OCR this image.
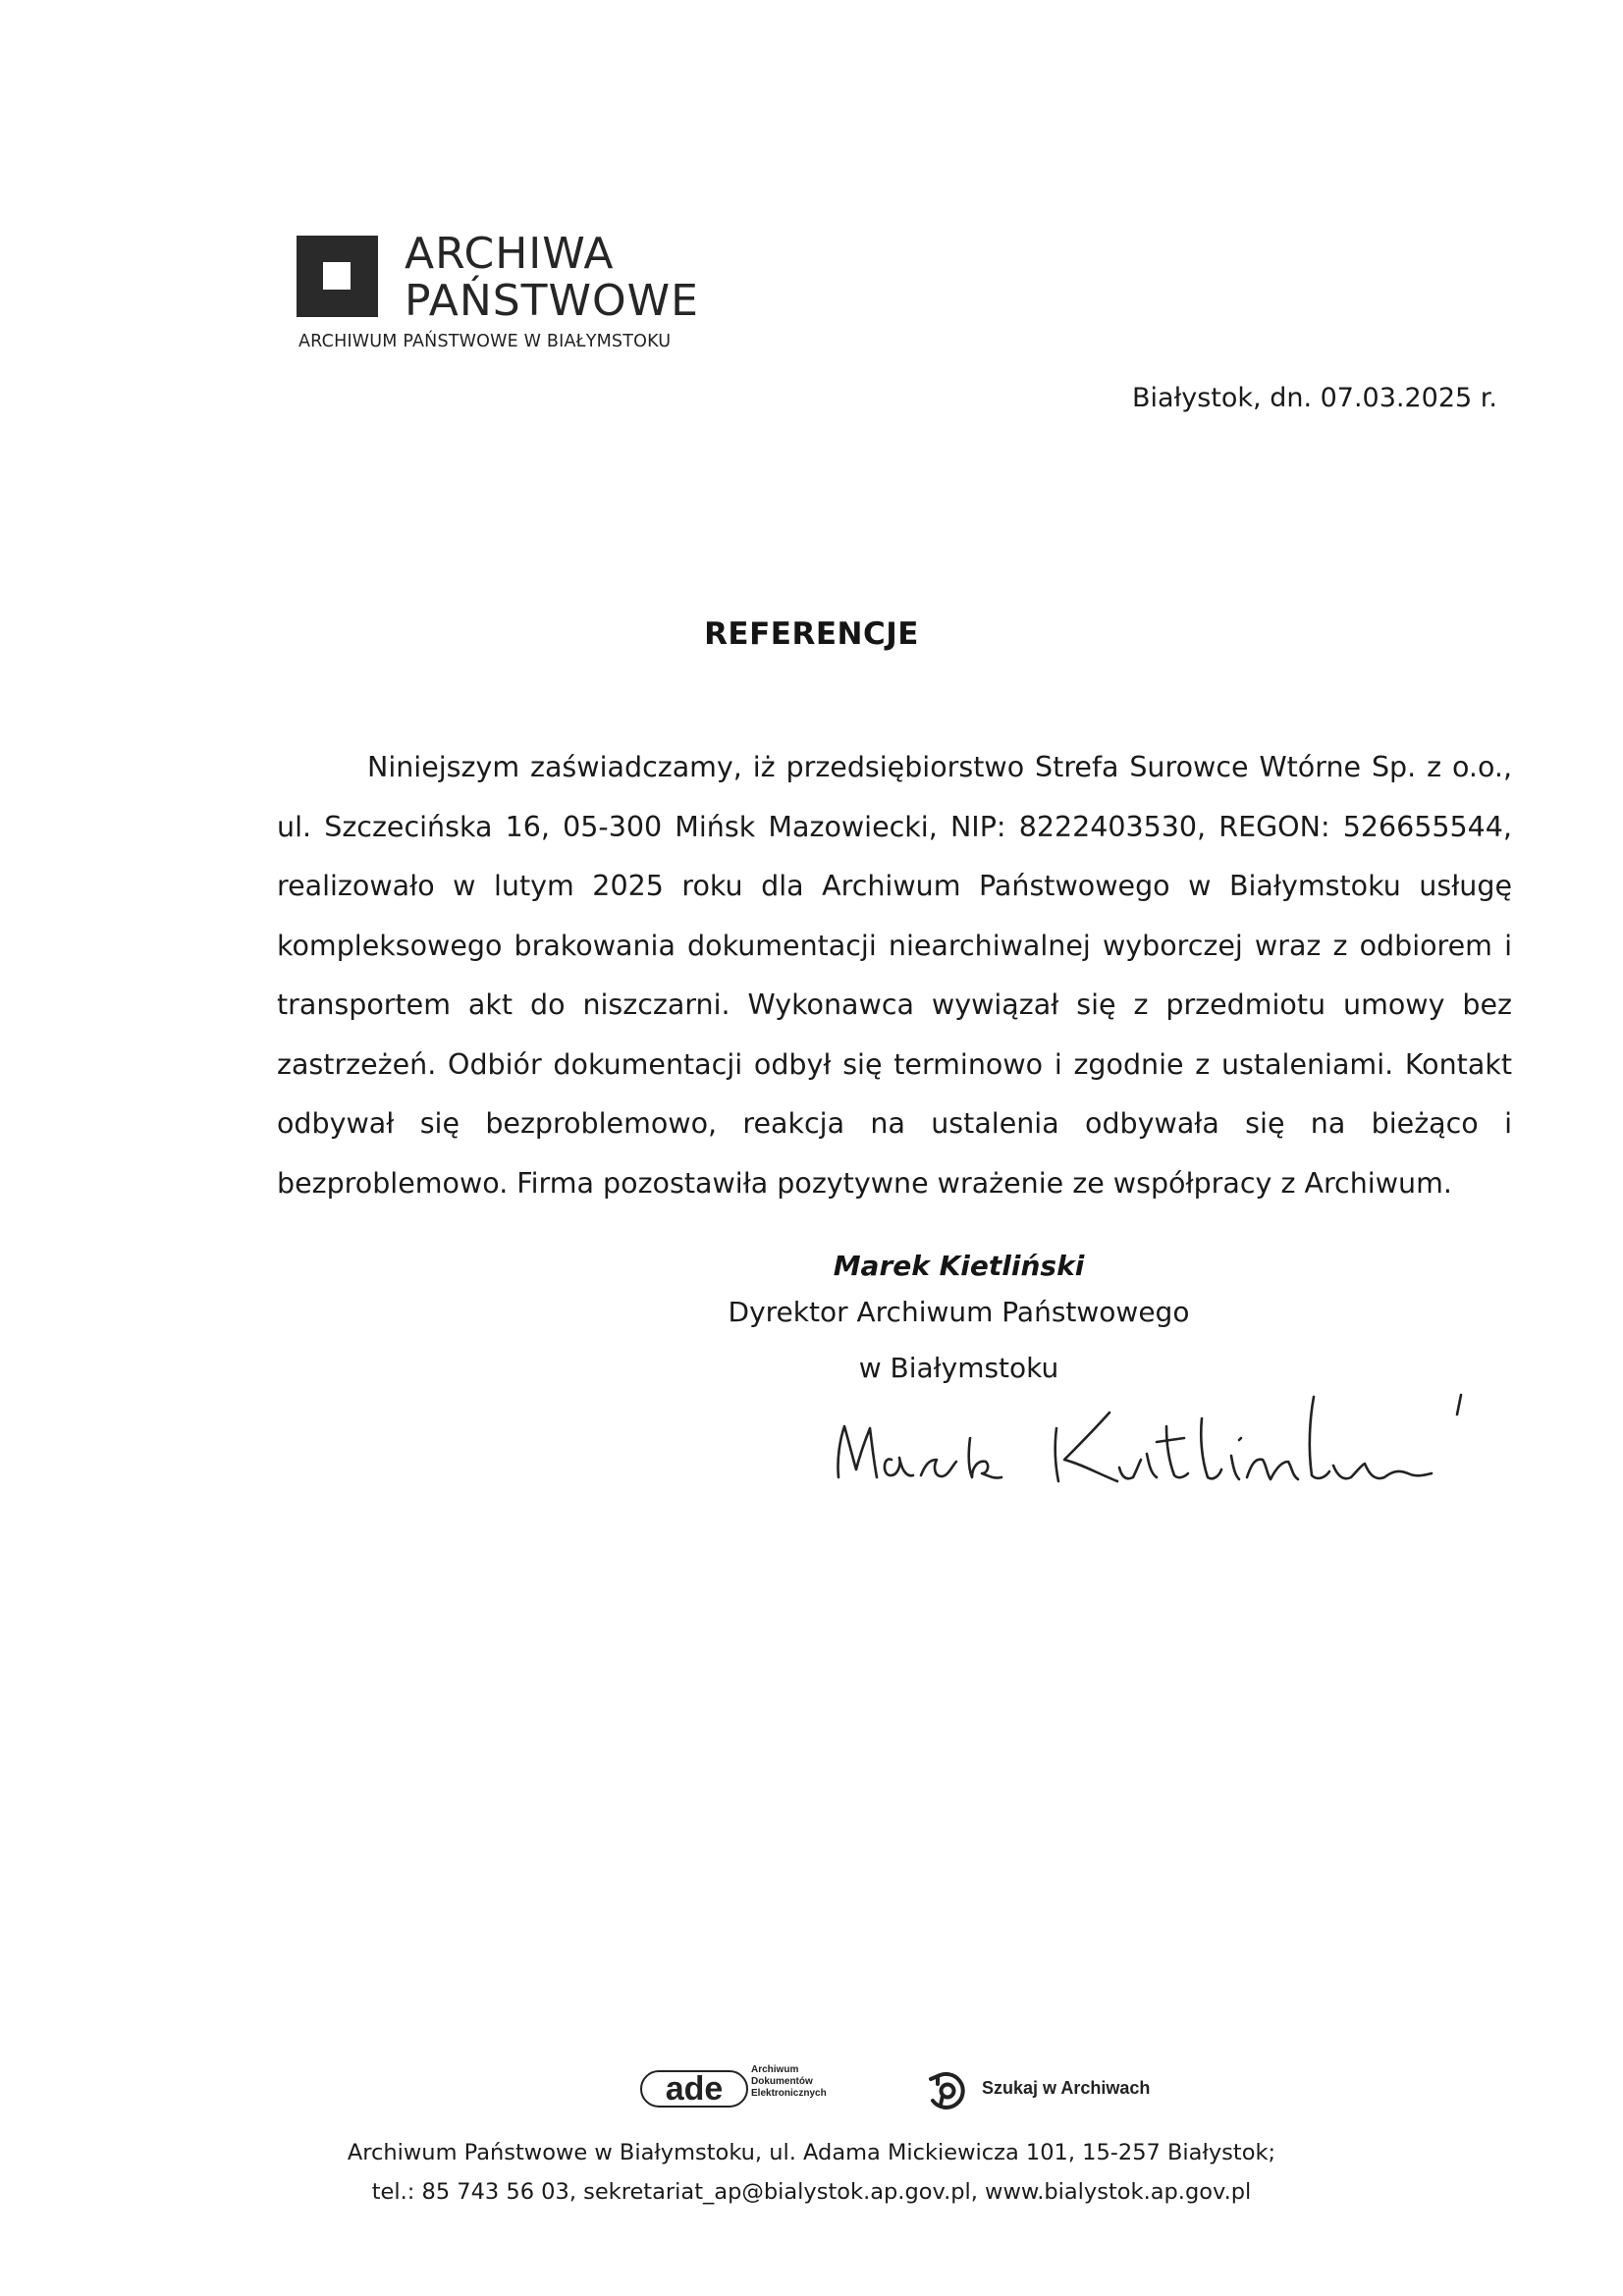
ARCHIWA
PAŃSTWOWE
ARCHIWUM PAŃSTWOWE W BIAŁYMSTOKU
Białystok, dn. 07.03.2025 r.
REFERENCJE
Niniejszym zaświadczamy, iż przedsiębiorstwo Strefa Surowce Wtórne Sp. z o.o., ul. Szczecińska 16, 05-300 Mińsk Mazowiecki, NIP: 8222403530, REGON: 526655544, realizowało w lutym 2025 roku dla Archiwum Państwowego w Białymstoku usługę kompleksowego brakowania dokumentacji niearchiwalnej wyborczej wraz z odbiorem i transportem akt do niszczarni. Wykonawca wywiązał się z przedmiotu umowy bez zastrzeżeń. Odbiór dokumentacji odbył się terminowo i zgodnie z ustaleniami. Kontakt odbywał się bezproblemowo, reakcja na ustalenia odbywała się na bieżąco i bezproblemowo. Firma pozostawiła pozytywne wrażenie ze współpracy z Archiwum.
Marek Kietliński
Dyrektor Archiwum Państwowego
w Białymstoku
ade
Archiwum
Dokumentów
Elektronicznych	Szukaj w Archiwach
Archiwum Państwowe w Białymstoku, ul. Adama Mickiewicza 101, 15-257 Białystok;
tel.: 85 743 56 03, sekretariat_ap@bialystok.ap.gov.pl, www.bialystok.ap.gov.pl
